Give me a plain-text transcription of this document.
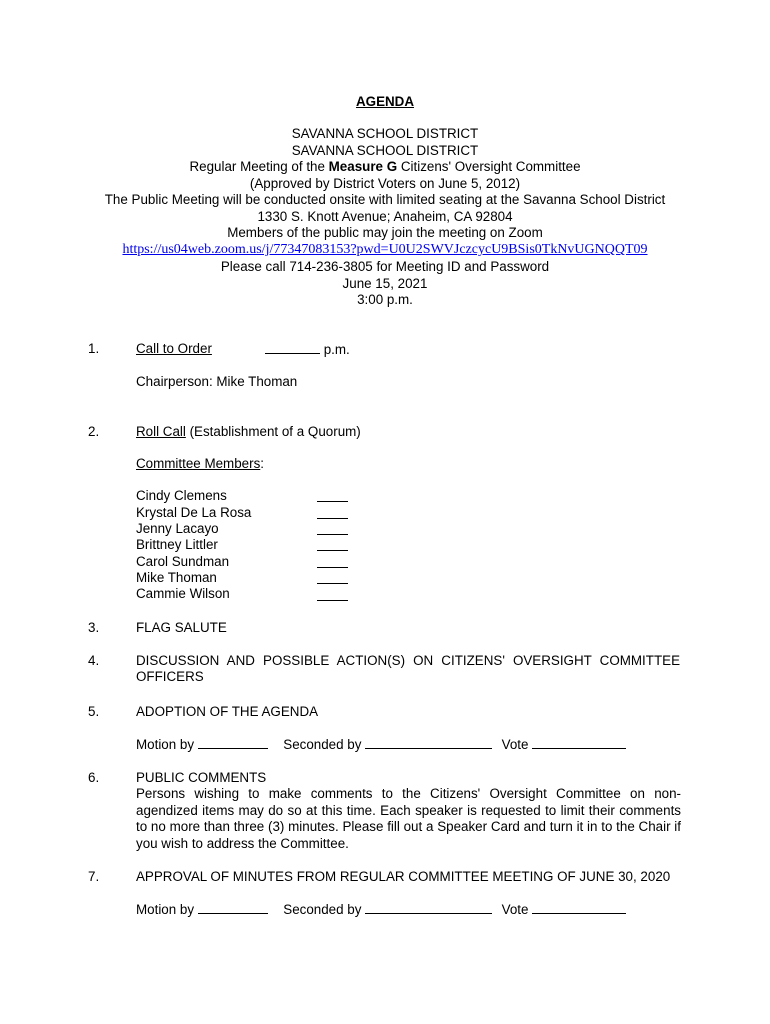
AGENDA
SAVANNA SCHOOL DISTRICT
SAVANNA SCHOOL DISTRICT
Regular Meeting of the Measure G Citizens' Oversight Committee
(Approved by District Voters on June 5, 2012)
The Public Meeting will be conducted onsite with limited seating at the Savanna School District
1330 S. Knott Avenue; Anaheim, CA 92804
Members of the public may join the meeting on Zoom
https://us04web.zoom.us/j/77347083153?pwd=U0U2SWVJczcycU9BSis0TkNvUGNQQT09
Please call 714-236-3805 for Meeting ID and Password
June 15, 2021
3:00 p.m.
1.	Call to Order	p.m.
Chairperson: Mike Thoman
2.	Roll Call (Establishment of a Quorum)
Committee Members:
Cindy Clemens
Krystal De La Rosa
Jenny Lacayo
Brittney Littler
Carol Sundman
Mike Thoman
Cammie Wilson
3.	FLAG SALUTE
4.	DISCUSSION AND POSSIBLE ACTION(S) ON CITIZENS' OVERSIGHT COMMITTEE
OFFICERS
5.	ADOPTION OF THE AGENDA
Motion by	Seconded by	Vote
6.	PUBLIC COMMENTS
Persons wishing to make comments to the Citizens' Oversight Committee on non-agendized items may do so at this time. Each speaker is requested to limit their comments to no more than three (3) minutes. Please fill out a Speaker Card and turn it in to the Chair if you wish to address the Committee.
7.	APPROVAL OF MINUTES FROM REGULAR COMMITTEE MEETING OF JUNE 30, 2020
Motion by	Seconded by	Vote
